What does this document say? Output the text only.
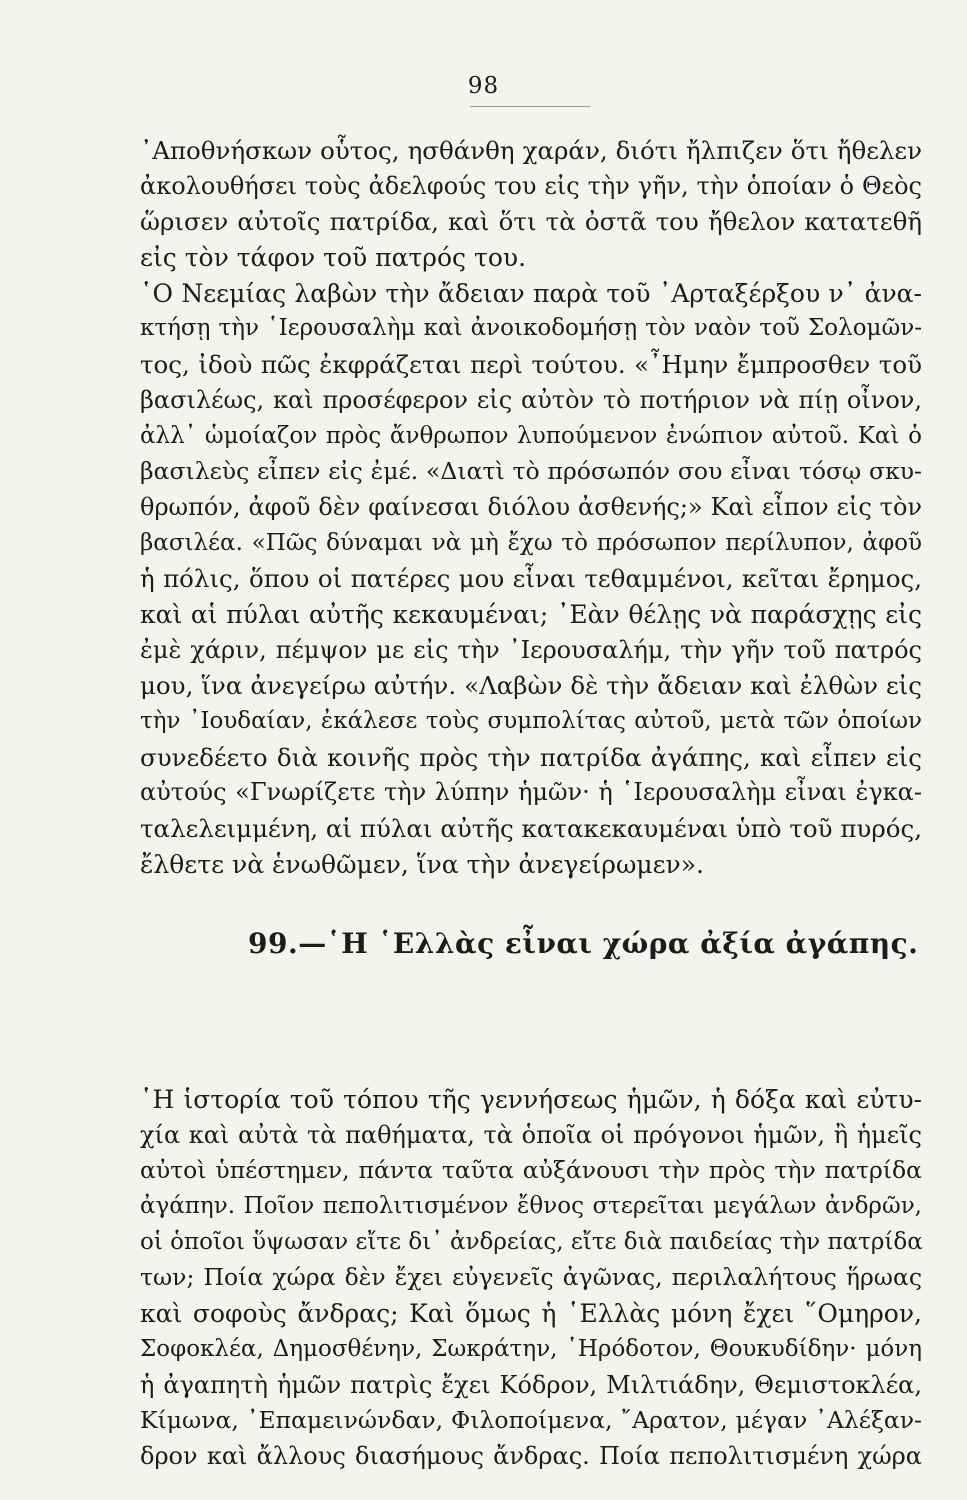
98
᾿Αποθνήσκων οὗτος, ησθάνθη χαράν, διότι ἤλπιζεν ὅτι ἤθελεν
ἀκολουθήσει τοὺς ἀδελφούς του εἰς τὴν γῆν, τὴν ὁποίαν ὁ Θεὸς
ὥρισεν αὐτοῖς πατρίδα, καὶ ὅτι τὰ ὀστᾶ του ἤθελον κατατεθῆ
εἰς τὸν τάφον τοῦ πατρός του.
῾Ο Νεεμίας λαβὼν τὴν ἄδειαν παρὰ τοῦ ᾿Αρταξέρξου ν᾿ ἀνα-
κτήσῃ τὴν ῾Ιερουσαλὴμ καὶ ἀνοικοδομήσῃ τὸν ναὸν τοῦ Σολομῶν-
τος, ἰδοὺ πῶς ἐκφράζεται περὶ τούτου. «῏Ημην ἔμπροσθεν τοῦ
βασιλέως, καὶ προσέφερον εἰς αὐτὸν τὸ ποτήριον νὰ πίῃ οἶνον,
ἀλλ᾿ ὡμοίαζον πρὸς ἄνθρωπον λυπούμενον ἐνώπιον αὐτοῦ. Καὶ ὁ
βασιλεὺς εἶπεν εἰς ἐμέ. «Διατὶ τὸ πρόσωπόν σου εἶναι τόσῳ σκυ-
θρωπόν, ἀφοῦ δὲν φαίνεσαι διόλου ἀσθενής;» Καὶ εἶπον εἰς τὸν
βασιλέα. «Πῶς δύναμαι νὰ μὴ ἔχω τὸ πρόσωπον περίλυπον, ἀφοῦ
ἡ πόλις, ὅπου οἱ πατέρες μου εἶναι τεθαμμένοι, κεῖται ἔρημος,
καὶ αἱ πύλαι αὐτῆς κεκαυμέναι; ᾿Εὰν θέλῃς νὰ παράσχῃς εἰς
ἐμὲ χάριν, πέμψον με εἰς τὴν ᾿Ιερουσαλήμ, τὴν γῆν τοῦ πατρός
μου, ἵνα ἀνεγείρω αὐτήν. «Λαβὼν δὲ τὴν ἄδειαν καὶ ἐλθὼν εἰς
τὴν ᾿Ιουδαίαν, ἐκάλεσε τοὺς συμπολίτας αὐτοῦ, μετὰ τῶν ὁποίων
συνεδέετο διὰ κοινῆς πρὸς τὴν πατρίδα ἀγάπης, καὶ εἶπεν εἰς
αὐτούς «Γνωρίζετε τὴν λύπην ἡμῶν· ἡ ῾Ιερουσαλὴμ εἶναι ἐγκα-
ταλελειμμένη, αἱ πύλαι αὐτῆς κατακεκαυμέναι ὑπὸ τοῦ πυρός,
ἔλθετε νὰ ἑνωθῶμεν, ἵνα τὴν ἀνεγείρωμεν».
99.—῾Η ῾Ελλὰς εἶναι χώρα ἀξία ἀγάπης.
῾Η ἱστορία τοῦ τόπου τῆς γεννήσεως ἡμῶν, ἡ δόξα καὶ εὐτυ-
χία καὶ αὐτὰ τὰ παθήματα, τὰ ὁποῖα οἱ πρόγονοι ἡμῶν, ἢ ἡμεῖς
αὐτοὶ ὑπέστημεν, πάντα ταῦτα αὐξάνουσι τὴν πρὸς τὴν πατρίδα
ἀγάπην. Ποῖον πεπολιτισμένον ἔθνος στερεῖται μεγάλων ἀνδρῶν,
οἱ ὁποῖοι ὕψωσαν εἴτε δι᾿ ἀνδρείας, εἴτε διὰ παιδείας τὴν πατρίδα
των; Ποία χώρα δὲν ἔχει εὐγενεῖς ἀγῶνας, περιλαλήτους ἥρωας
καὶ σοφοὺς ἄνδρας; Καὶ ὅμως ἡ ῾Ελλὰς μόνη ἔχει ῞Ομηρον,
Σοφοκλέα, Δημοσθένην, Σωκράτην, ῾Ηρόδοτον, Θουκυδίδην· μόνη
ἡ ἀγαπητὴ ἡμῶν πατρὶς ἔχει Κόδρον, Μιλτιάδην, Θεμιστοκλέα,
Κίμωνα, ᾿Επαμεινώνδαν, Φιλοποίμενα, ῎Αρατον, μέγαν ᾿Αλέξαν-
δρον καὶ ἄλλους διασήμους ἄνδρας. Ποία πεπολιτισμένη χώρα
